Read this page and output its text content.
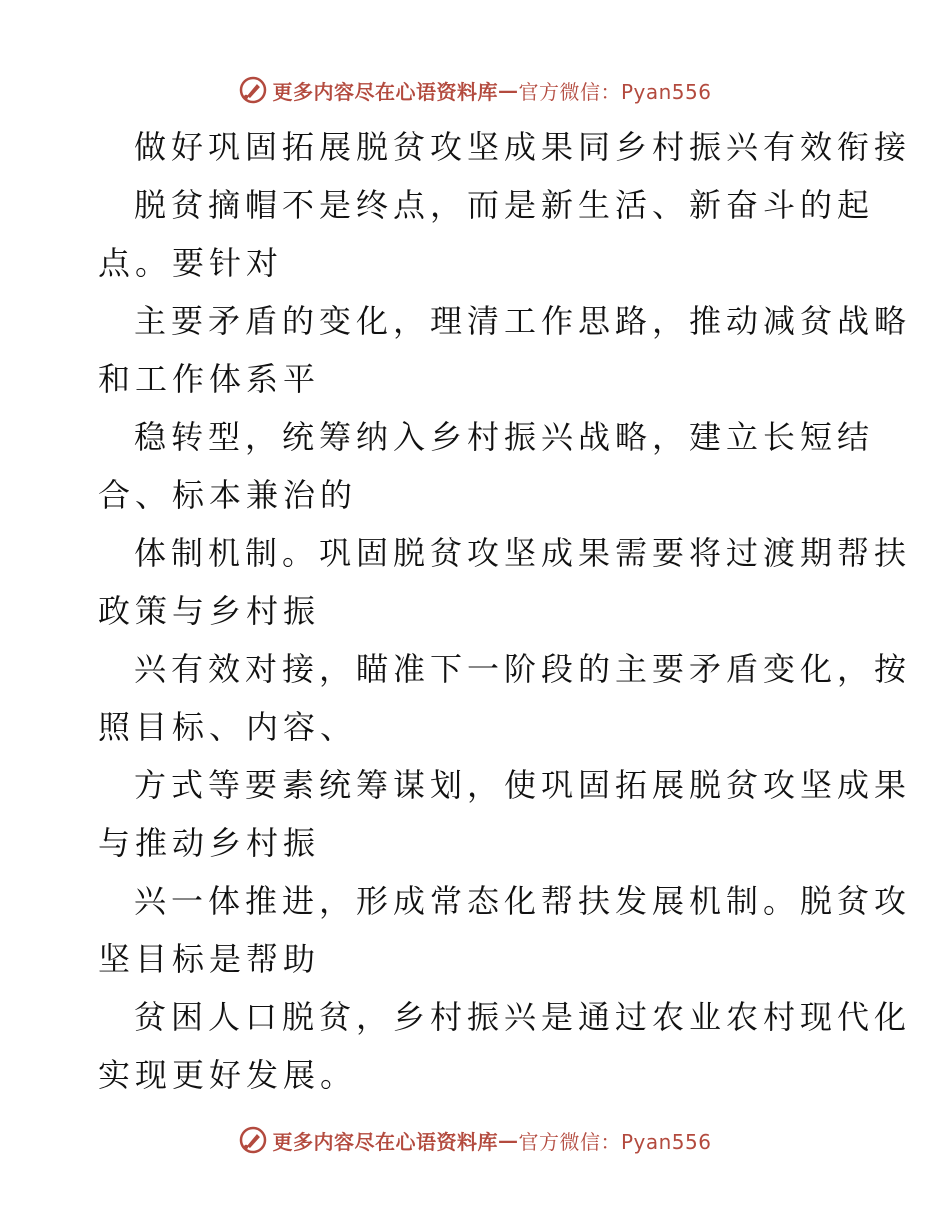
更多内容尽在心语资料库 — 官方微信：Pyan556
做好巩固拓展脱贫攻坚成果同乡村振兴有效衔接
脱贫摘帽不是终点，而是新生活、新奋斗的起
点。要针对
主要矛盾的变化，理清工作思路，推动减贫战略
和工作体系平
稳转型，统筹纳入乡村振兴战略，建立长短结
合、标本兼治的
体制机制。巩固脱贫攻坚成果需要将过渡期帮扶
政策与乡村振
兴有效对接，瞄准下一阶段的主要矛盾变化，按
照目标、内容、
方式等要素统筹谋划，使巩固拓展脱贫攻坚成果
与推动乡村振
兴一体推进，形成常态化帮扶发展机制。脱贫攻
坚目标是帮助
贫困人口脱贫，乡村振兴是通过农业农村现代化
实现更好发展。
更多内容尽在心语资料库 — 官方微信：Pyan556
